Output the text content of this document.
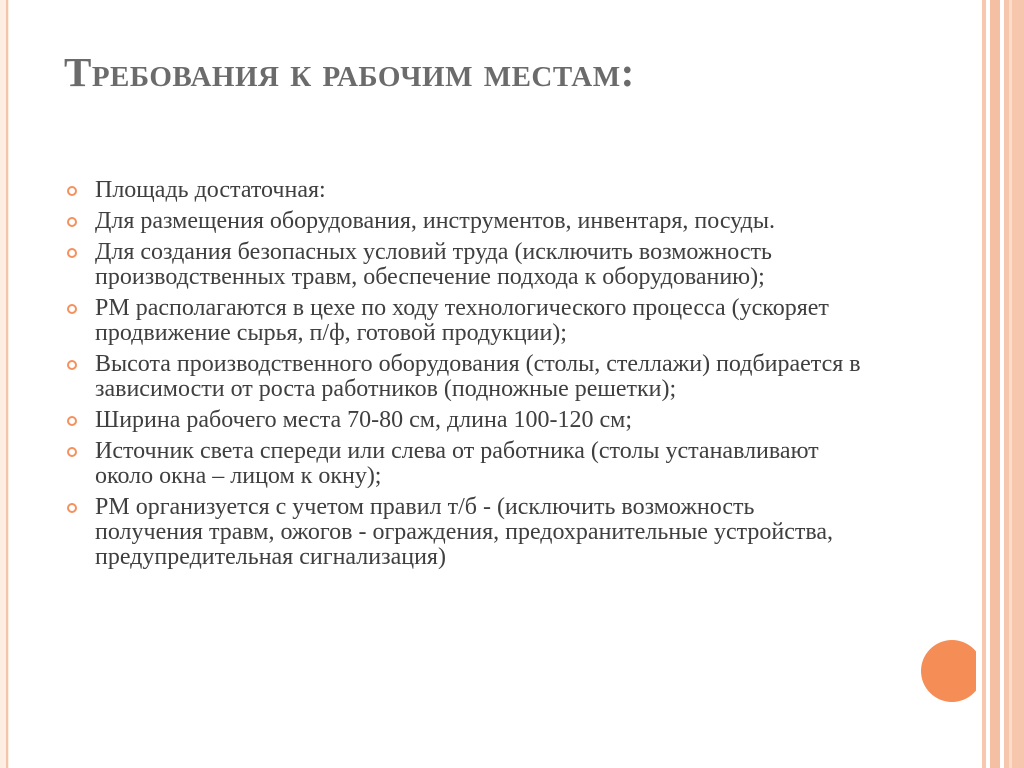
Требования к рабочим местам:
Площадь достаточная:
Для размещения оборудования, инструментов, инвентаря, посуды.
Для создания безопасных условий труда (исключить возможность производственных травм, обеспечение подхода к оборудованию);
РМ располагаются в цехе по ходу технологического процесса (ускоряет продвижение сырья, п/ф, готовой продукции);
Высота производственного оборудования (столы, стеллажи) подбирается в зависимости от роста работников (подножные решетки);
Ширина рабочего места 70-80 см, длина 100-120 см;
Источник света спереди или слева от работника (столы устанавливают около окна – лицом к окну);
РМ организуется с учетом правил т/б - (исключить возможность получения травм, ожогов - ограждения, предохранительные устройства, предупредительная сигнализация)
